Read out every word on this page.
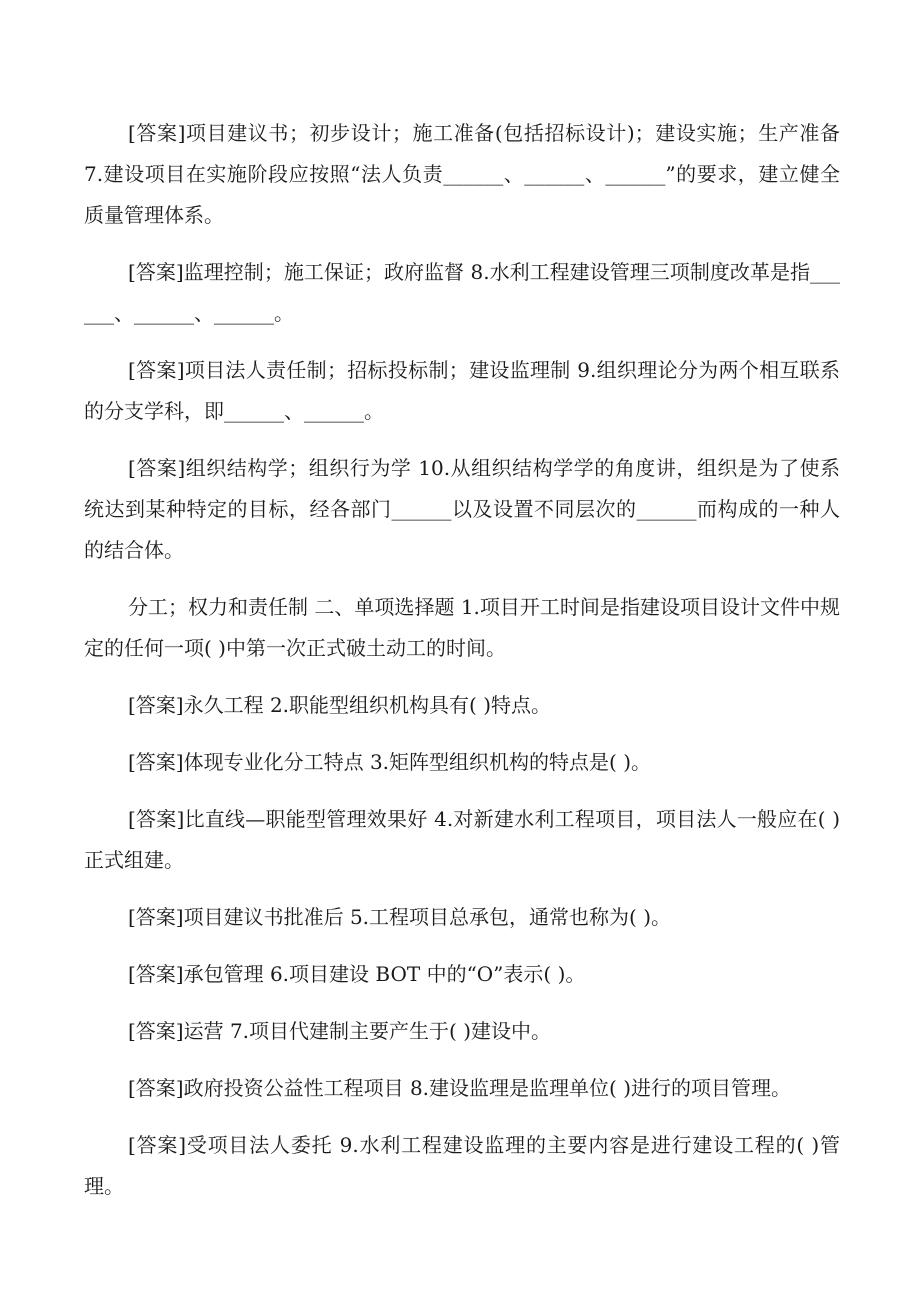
[答案]项目建议书；初步设计；施工准备(包括招标设计)；建设实施；生产准备 7.建设项目在实施阶段应按照“法人负责______、______、______”的要求，建立健全质量管理体系。

[答案]监理控制；施工保证；政府监督 8.水利工程建设管理三项制度改革是指______、______、______。

[答案]项目法人责任制；招标投标制；建设监理制 9.组织理论分为两个相互联系的分支学科，即______、______。

[答案]组织结构学；组织行为学 10.从组织结构学学的角度讲，组织是为了使系统达到某种特定的目标，经各部门______以及设置不同层次的______而构成的一种人的结合体。

分工；权力和责任制 二、单项选择题 1.项目开工时间是指建设项目设计文件中规定的任何一项( )中第一次正式破土动工的时间。

[答案]永久工程 2.职能型组织机构具有( )特点。

[答案]体现专业化分工特点 3.矩阵型组织机构的特点是( )。

[答案]比直线—职能型管理效果好 4.对新建水利工程项目，项目法人一般应在( )正式组建。

[答案]项目建议书批准后 5.工程项目总承包，通常也称为( )。

[答案]承包管理 6.项目建设 BOT 中的“O”表示( )。

[答案]运营 7.项目代建制主要产生于( )建设中。

[答案]政府投资公益性工程项目 8.建设监理是监理单位( )进行的项目管理。

[答案]受项目法人委托 9.水利工程建设监理的主要内容是进行建设工程的( )管理。
